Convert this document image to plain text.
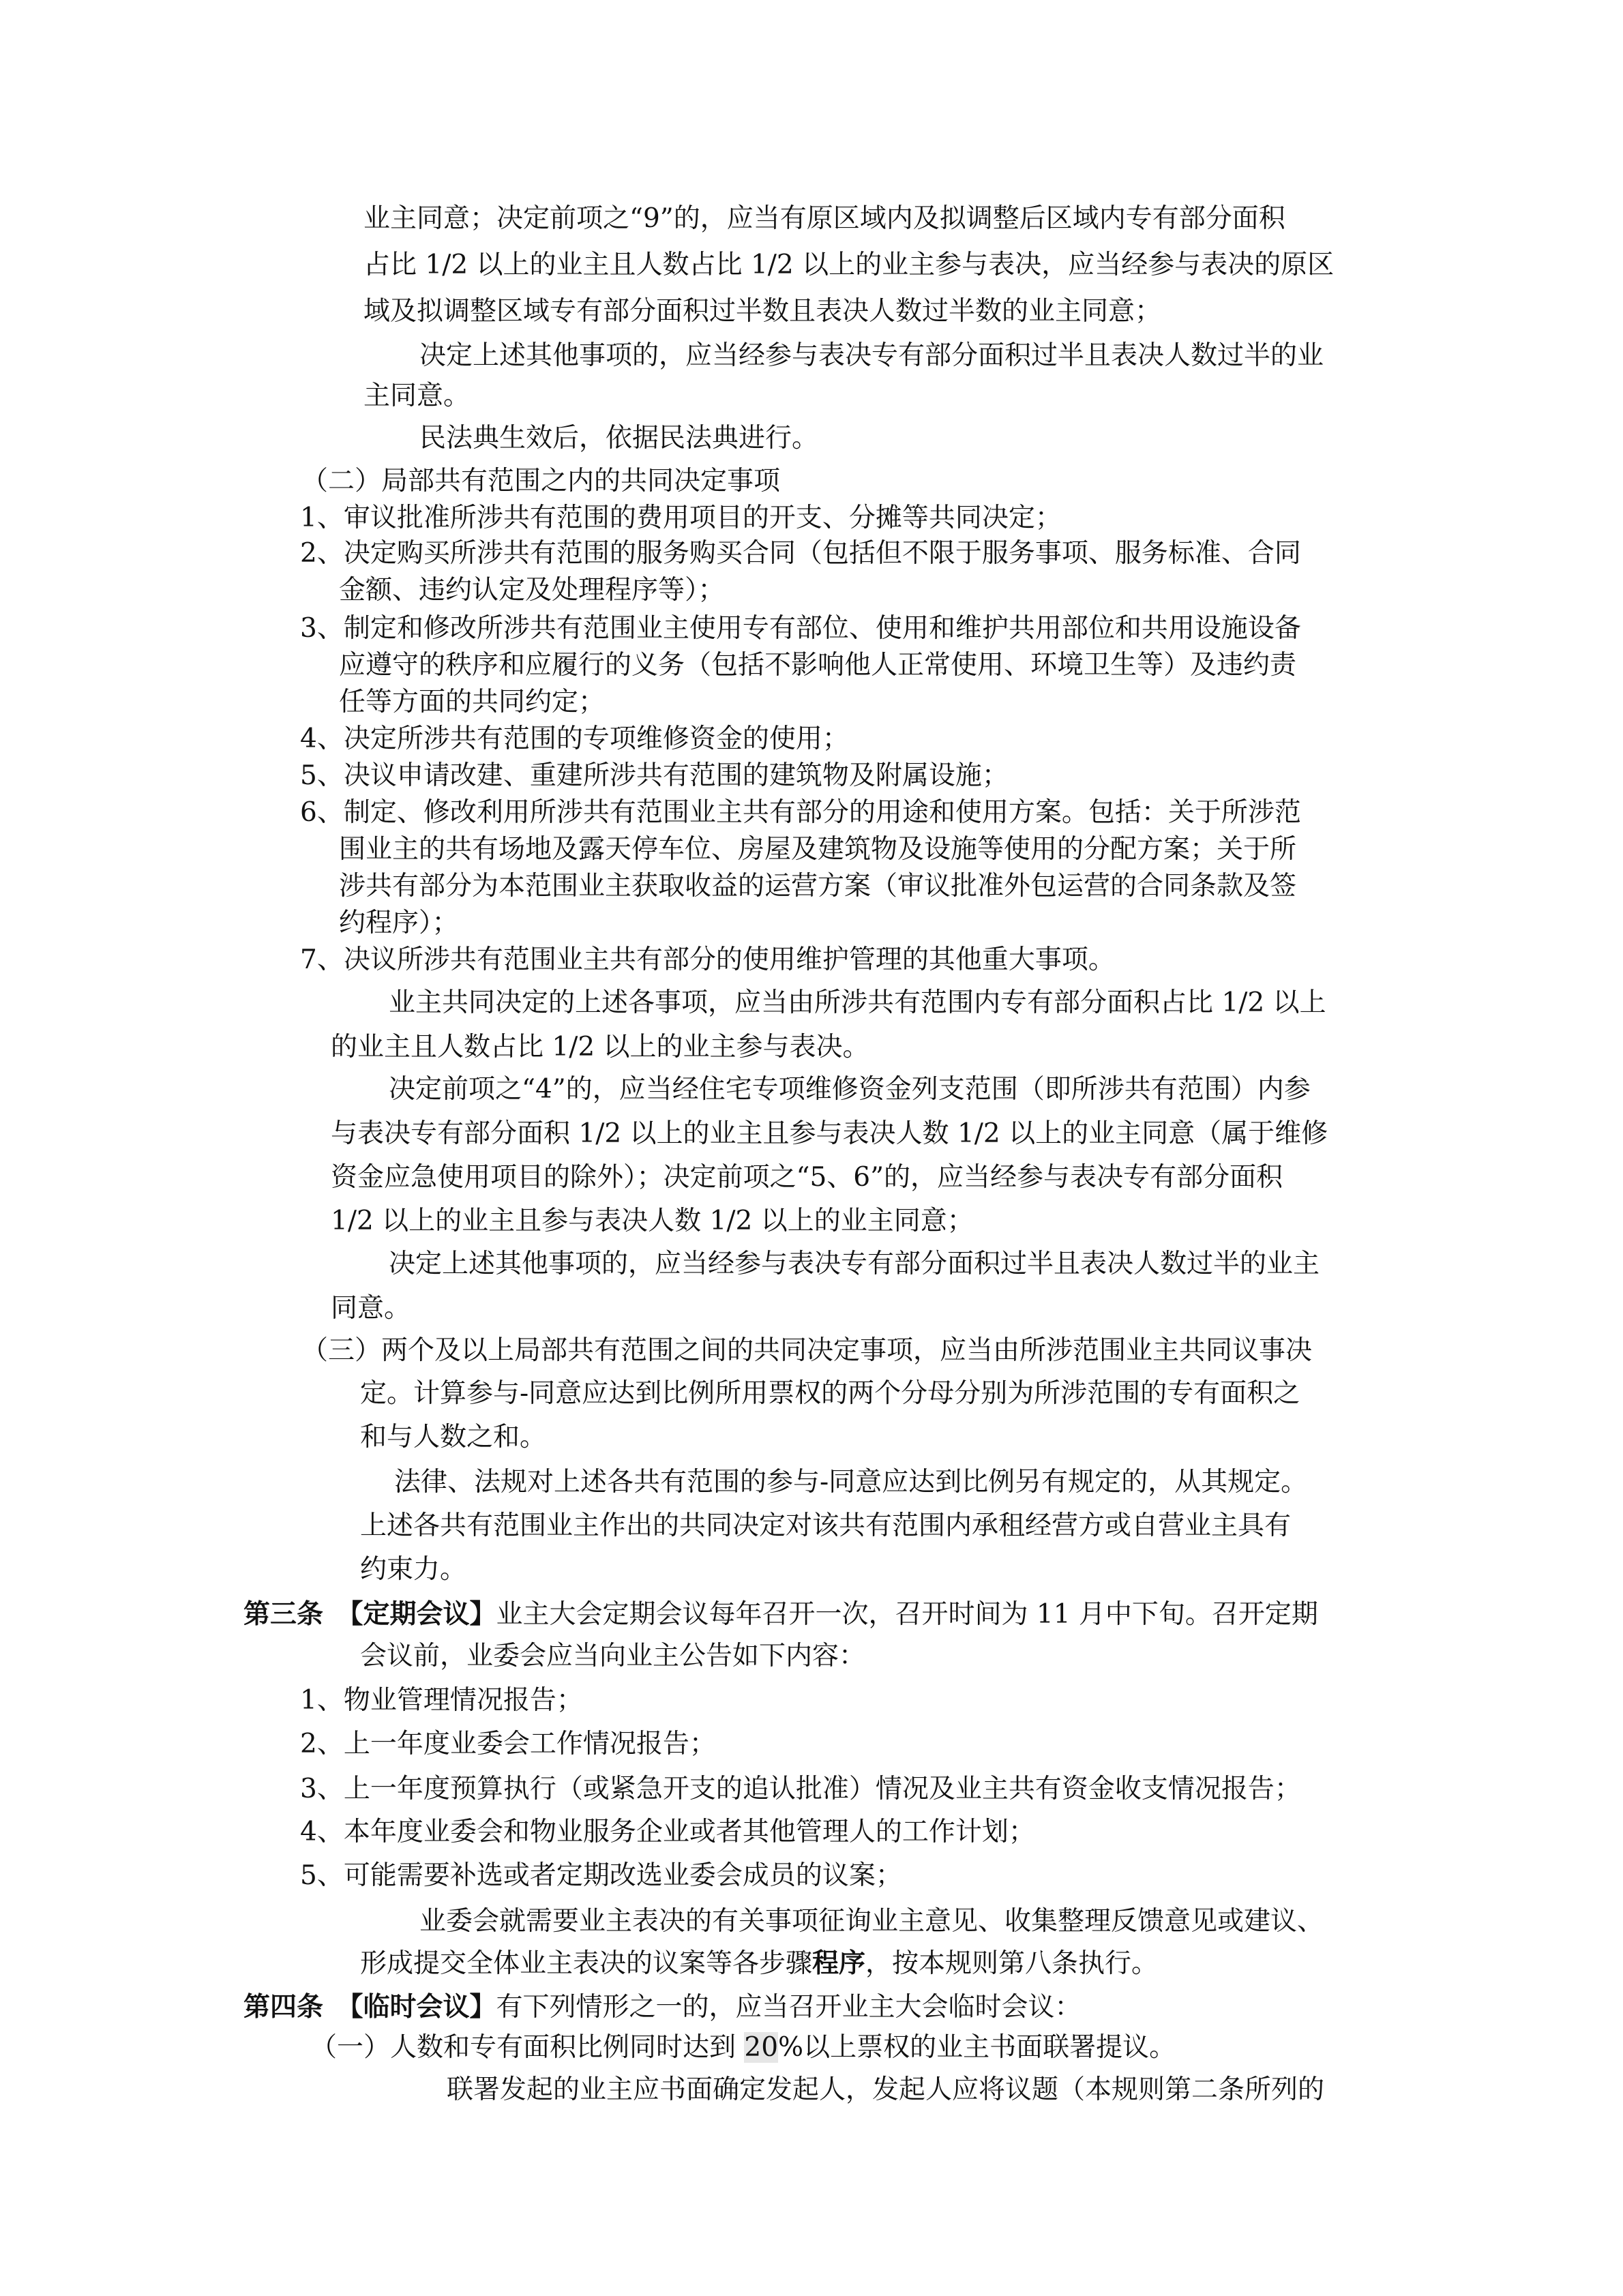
业主同意；决定前项之“9”的，应当有原区域内及拟调整后区域内专有部分面积
占比 1/2 以上的业主且人数占比 1/2 以上的业主参与表决，应当经参与表决的原区
域及拟调整区域专有部分面积过半数且表决人数过半数的业主同意；
决定上述其他事项的，应当经参与表决专有部分面积过半且表决人数过半的业
主同意。
民法典生效后，依据民法典进行。
（二）局部共有范围之内的共同决定事项
1、审议批准所涉共有范围的费用项目的开支、分摊等共同决定；
2、决定购买所涉共有范围的服务购买合同（包括但不限于服务事项、服务标准、合同
金额、违约认定及处理程序等）；
3、制定和修改所涉共有范围业主使用专有部位、使用和维护共用部位和共用设施设备
应遵守的秩序和应履行的义务（包括不影响他人正常使用、环境卫生等）及违约责
任等方面的共同约定；
4、决定所涉共有范围的专项维修资金的使用；
5、决议申请改建、重建所涉共有范围的建筑物及附属设施；
6、制定、修改利用所涉共有范围业主共有部分的用途和使用方案。包括：关于所涉范
围业主的共有场地及露天停车位、房屋及建筑物及设施等使用的分配方案；关于所
涉共有部分为本范围业主获取收益的运营方案（审议批准外包运营的合同条款及签
约程序）；
7、决议所涉共有范围业主共有部分的使用维护管理的其他重大事项。
业主共同决定的上述各事项，应当由所涉共有范围内专有部分面积占比 1/2 以上
的业主且人数占比 1/2 以上的业主参与表决。
决定前项之“4”的，应当经住宅专项维修资金列支范围（即所涉共有范围）内参
与表决专有部分面积 1/2 以上的业主且参与表决人数 1/2 以上的业主同意（属于维修
资金应急使用项目的除外）；决定前项之“5、6”的，应当经参与表决专有部分面积
1/2 以上的业主且参与表决人数 1/2 以上的业主同意；
决定上述其他事项的，应当经参与表决专有部分面积过半且表决人数过半的业主
同意。
（三）两个及以上局部共有范围之间的共同决定事项，应当由所涉范围业主共同议事决
定。计算参与-同意应达到比例所用票权的两个分母分别为所涉范围的专有面积之
和与人数之和。
法律、法规对上述各共有范围的参与-同意应达到比例另有规定的，从其规定。
上述各共有范围业主作出的共同决定对该共有范围内承租经营方或自营业主具有
约束力。
第三条　【定期会议】业主大会定期会议每年召开一次，召开时间为 11 月中下旬。召开定期
会议前，业委会应当向业主公告如下内容：
1、物业管理情况报告；
2、上一年度业委会工作情况报告；
3、上一年度预算执行（或紧急开支的追认批准）情况及业主共有资金收支情况报告；
4、本年度业委会和物业服务企业或者其他管理人的工作计划；
5、可能需要补选或者定期改选业委会成员的议案；
业委会就需要业主表决的有关事项征询业主意见、收集整理反馈意见或建议、
形成提交全体业主表决的议案等各步骤程序，按本规则第八条执行。
第四条　【临时会议】有下列情形之一的，应当召开业主大会临时会议：
（一）人数和专有面积比例同时达到 20%以上票权的业主书面联署提议。
联署发起的业主应书面确定发起人，发起人应将议题（本规则第二条所列的
